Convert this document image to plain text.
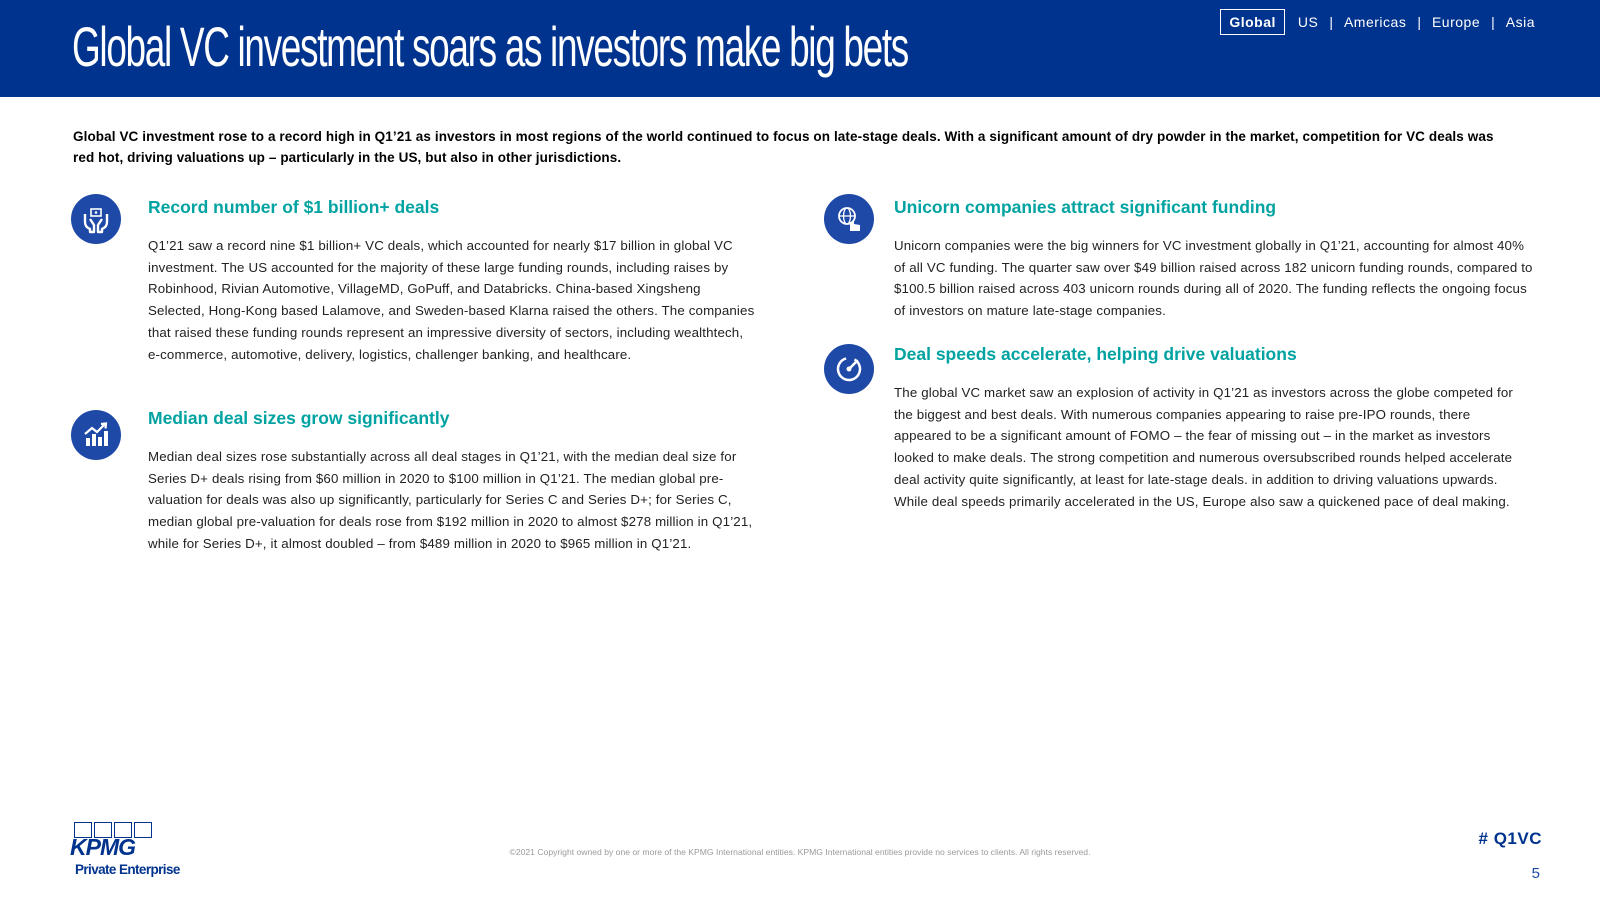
Global VC investment soars as investors make big bets	Global	US | Americas | Europe | Asia

Global VC investment rose to a record high in Q1’21 as investors in most regions of the world continued to focus on late-stage deals. With a significant amount of dry powder in the market, competition for VC deals was red hot, driving valuations up – particularly in the US, but also in other jurisdictions.

Record number of $1 billion+ deals

Q1’21 saw a record nine $1 billion+ VC deals, which accounted for nearly $17 billion in global VC investment. The US accounted for the majority of these large funding rounds, including raises by Robinhood, Rivian Automotive, VillageMD, GoPuff, and Databricks. China-based Xingsheng Selected, Hong-Kong based Lalamove, and Sweden-based Klarna raised the others. The companies that raised these funding rounds represent an impressive diversity of sectors, including wealthtech, e-commerce, automotive, delivery, logistics, challenger banking, and healthcare.

Median deal sizes grow significantly

Median deal sizes rose substantially across all deal stages in Q1’21, with the median deal size for Series D+ deals rising from $60 million in 2020 to $100 million in Q1’21. The median global pre-valuation for deals was also up significantly, particularly for Series C and Series D+; for Series C, median global pre-valuation for deals rose from $192 million in 2020 to almost $278 million in Q1’21, while for Series D+, it almost doubled – from $489 million in 2020 to $965 million in Q1’21.

Unicorn companies attract significant funding

Unicorn companies were the big winners for VC investment globally in Q1’21, accounting for almost 40% of all VC funding. The quarter saw over $49 billion raised across 182 unicorn funding rounds, compared to $100.5 billion raised across 403 unicorn rounds during all of 2020. The funding reflects the ongoing focus of investors on mature late-stage companies.

Deal speeds accelerate, helping drive valuations

The global VC market saw an explosion of activity in Q1’21 as investors across the globe competed for the biggest and best deals. With numerous companies appearing to raise pre-IPO rounds, there appeared to be a significant amount of FOMO – the fear of missing out – in the market as investors looked to make deals. The strong competition and numerous oversubscribed rounds helped accelerate deal activity quite significantly, at least for late-stage deals. in addition to driving valuations upwards. While deal speeds primarily accelerated in the US, Europe also saw a quickened pace of deal making.

KPMG
Private Enterprise
©2021 Copyright owned by one or more of the KPMG International entities. KPMG International entities provide no services to clients. All rights reserved.
# Q1VC
5
